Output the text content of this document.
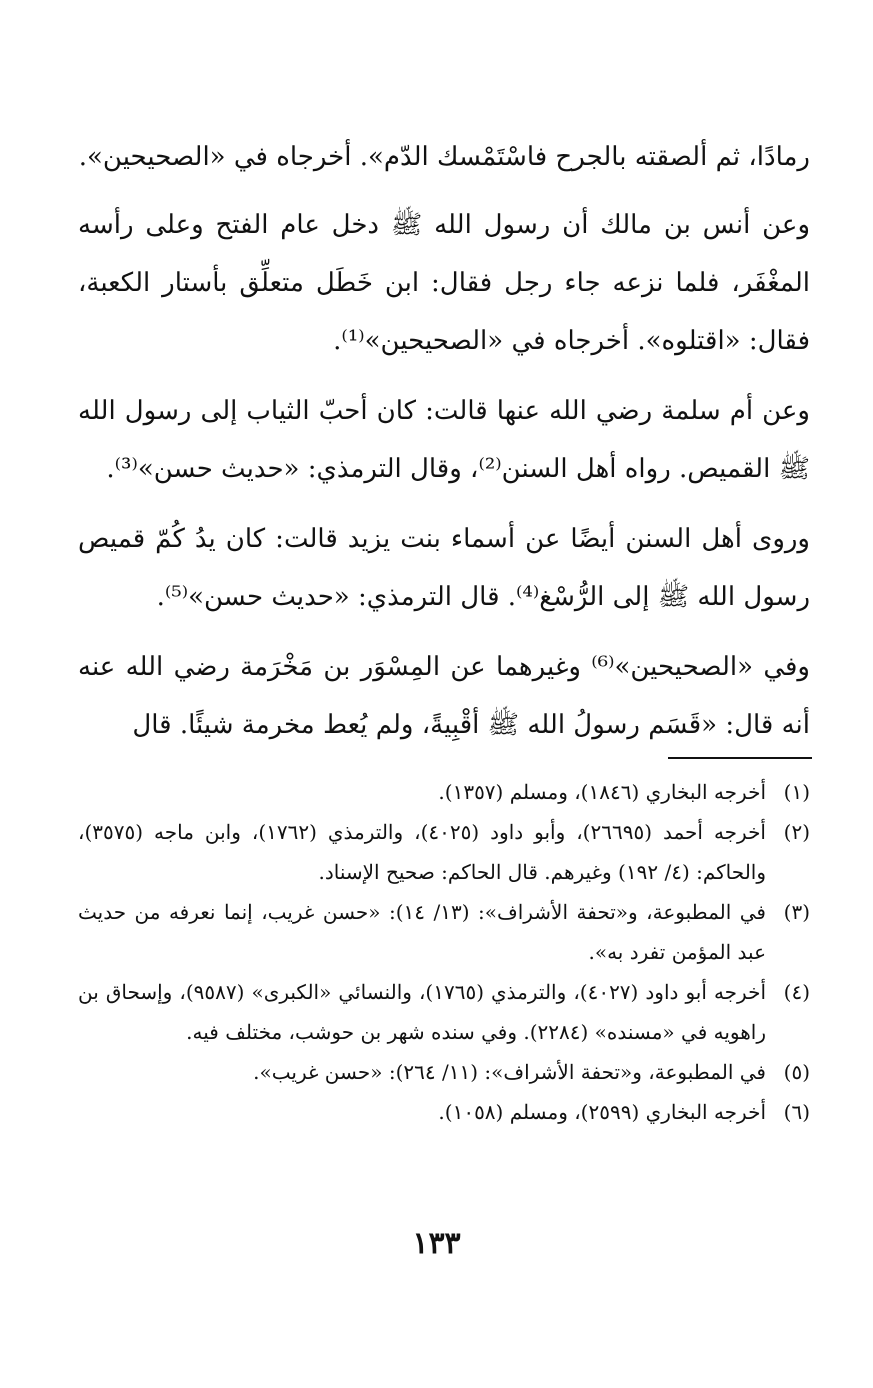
رمادًا، ثم ألصقته بالجرح فاسْتَمْسك الدّم». أخرجاه في «الصحيحين».

وعن أنس بن مالك أن رسول الله ﷺ دخل عام الفتح وعلى رأسه المغْفَر، فلما نزعه جاء رجل فقال: ابن خَطَل متعلِّق بأستار الكعبة، فقال: «اقتلوه». أخرجاه في «الصحيحين»⁽¹⁾.

وعن أم سلمة رضي الله عنها قالت: كان أحبّ الثياب إلى رسول الله ﷺ القميص. رواه أهل السنن⁽²⁾، وقال الترمذي: «حديث حسن»⁽³⁾.

وروى أهل السنن أيضًا عن أسماء بنت يزيد قالت: كان يدُ كُمّ قميص رسول الله ﷺ إلى الرُّسْغ⁽⁴⁾. قال الترمذي: «حديث حسن»⁽⁵⁾.

وفي «الصحيحين»⁽⁶⁾ وغيرهما عن المِسْوَر بن مَخْرَمة رضي الله عنه أنه قال: «قَسَم رسولُ الله ﷺ أقْبِيةً، ولم يُعط مخرمة شيئًا. قال

(١)
أخرجه البخاري (١٨٤٦)، ومسلم (١٣٥٧).
(٢)
أخرجه أحمد (٢٦٦٩٥)، وأبو داود (٤٠٢٥)، والترمذي (١٧٦٢)، وابن ماجه (٣٥٧٥)، والحاكم: (٤/ ١٩٢) وغيرهم. قال الحاكم: صحيح الإسناد.
(٣)
في المطبوعة، و«تحفة الأشراف»: (١٣/ ١٤): «حسن غريب، إنما نعرفه من حديث عبد المؤمن تفرد به».
(٤)
أخرجه أبو داود (٤٠٢٧)، والترمذي (١٧٦٥)، والنسائي «الكبرى» (٩٥٨٧)، وإسحاق بن راهويه في «مسنده» (٢٢٨٤). وفي سنده شهر بن حوشب، مختلف فيه.
(٥)
في المطبوعة، و«تحفة الأشراف»: (١١/ ٢٦٤): «حسن غريب».
(٦)
أخرجه البخاري (٢٥٩٩)، ومسلم (١٠٥٨).
١٣٣
